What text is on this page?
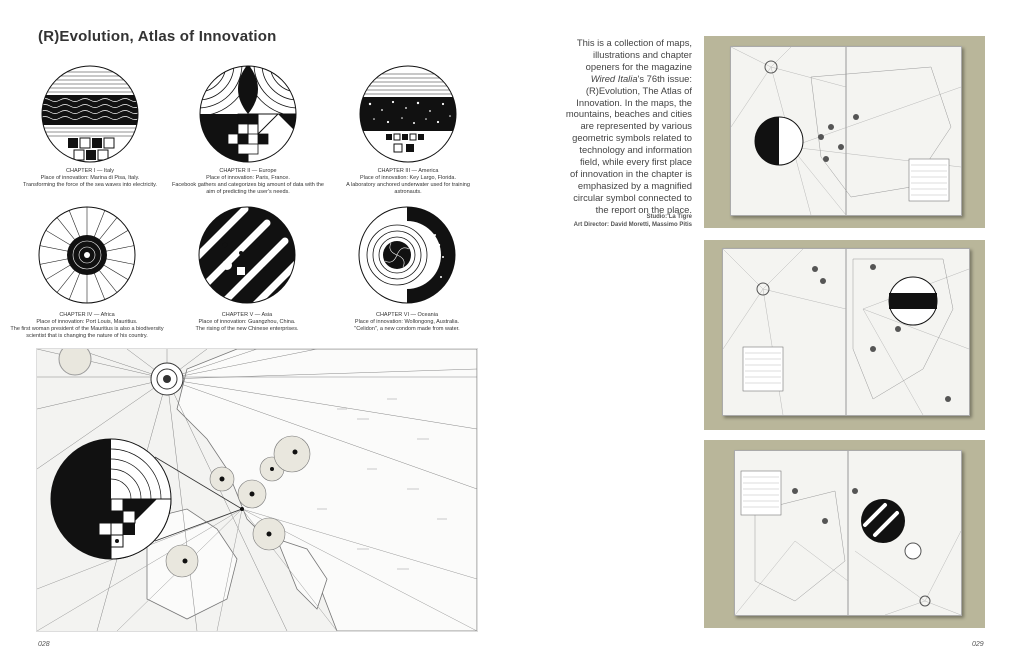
(R)Evolution, Atlas of Innovation
CHAPTER I — Italy
Place of innovation: Marina di Pisa, Italy.
Transforming the force of the sea waves into electricity.
CHAPTER II — Europe
Place of innovation: Paris, France.
Facebook gathers and categorizes big amount of data with the
aim of predicting the user's needs.
CHAPTER III — America
Place of innovation: Key Largo, Florida.
A laboratory anchored underwater used for training
astronauts.
CHAPTER IV — Africa
Place of innovation: Port Louis, Mauritius.
The first woman president of the Mauritius is also a biodiversity
scientist that is changing the nature of his country.
CHAPTER V — Asia
Place of innovation: Guangzhou, China.
The rising of the new Chinese enterprises.
CHAPTER VI — Oceania
Place of innovation: Wollongong, Australia.
"Celidon", a new condom made from water.
This is a collection of maps,
illustrations and chapter
openers for the magazine
Wired Italia's 76th issue:
(R)Evolution, The Atlas of
Innovation. In the maps, the
mountains, beaches and cities
are represented by various
geometric symbols related to
technology and information
field, while every first place
of innovation in the chapter is
emphasized by a magnified
circular symbol connected to
the report on the place.
Studio: La Tigre
Art Director: David Moretti, Massimo Pitis
028	029
